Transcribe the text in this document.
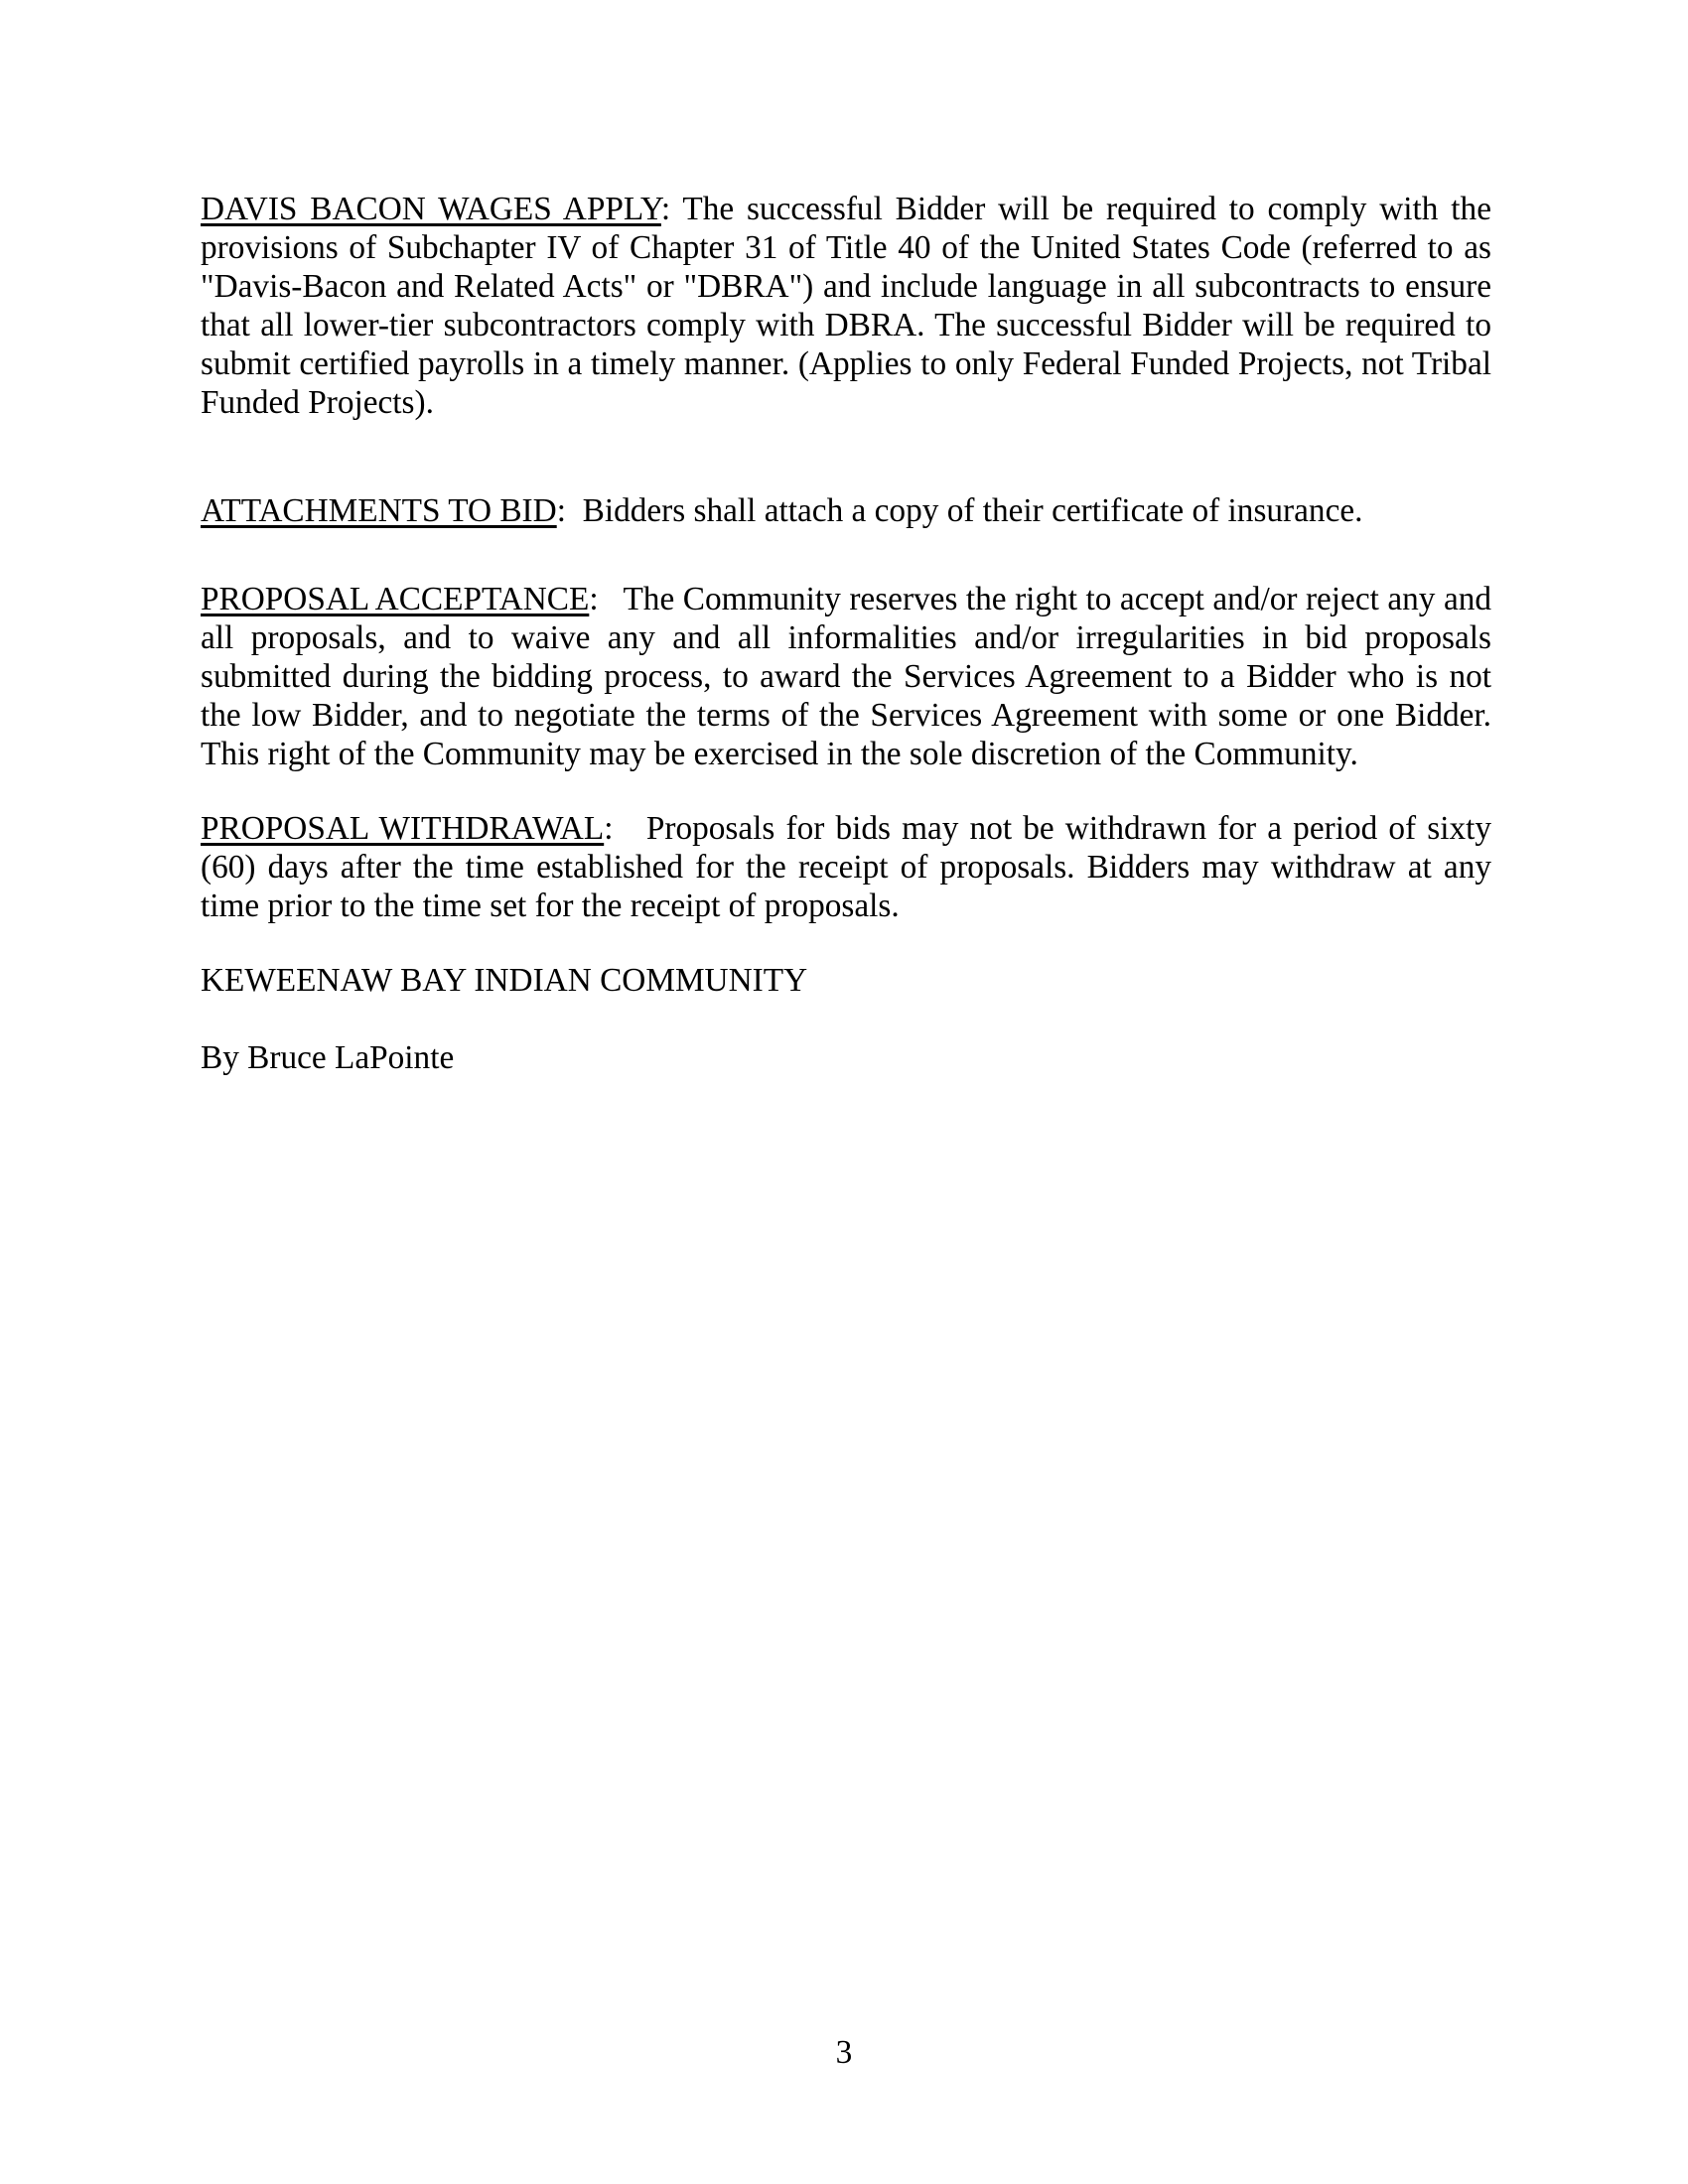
DAVIS BACON WAGES APPLY: The successful Bidder will be required to comply with the provisions of Subchapter IV of Chapter 31 of Title 40 of the United States Code (referred to as "Davis-Bacon and Related Acts" or "DBRA") and include language in all subcontracts to ensure that all lower-tier subcontractors comply with DBRA. The successful Bidder will be required to submit certified payrolls in a timely manner. (Applies to only Federal Funded Projects, not Tribal Funded Projects).

ATTACHMENTS TO BID:  Bidders shall attach a copy of their certificate of insurance.

PROPOSAL ACCEPTANCE:   The Community reserves the right to accept and/or reject any and all proposals, and to waive any and all informalities and/or irregularities in bid proposals submitted during the bidding process, to award the Services Agreement to a Bidder who is not the low Bidder, and to negotiate the terms of the Services Agreement with some or one Bidder. This right of the Community may be exercised in the sole discretion of the Community.

PROPOSAL WITHDRAWAL:   Proposals for bids may not be withdrawn for a period of sixty (60) days after the time established for the receipt of proposals. Bidders may withdraw at any time prior to the time set for the receipt of proposals.

KEWEENAW BAY INDIAN COMMUNITY

By Bruce LaPointe

3
